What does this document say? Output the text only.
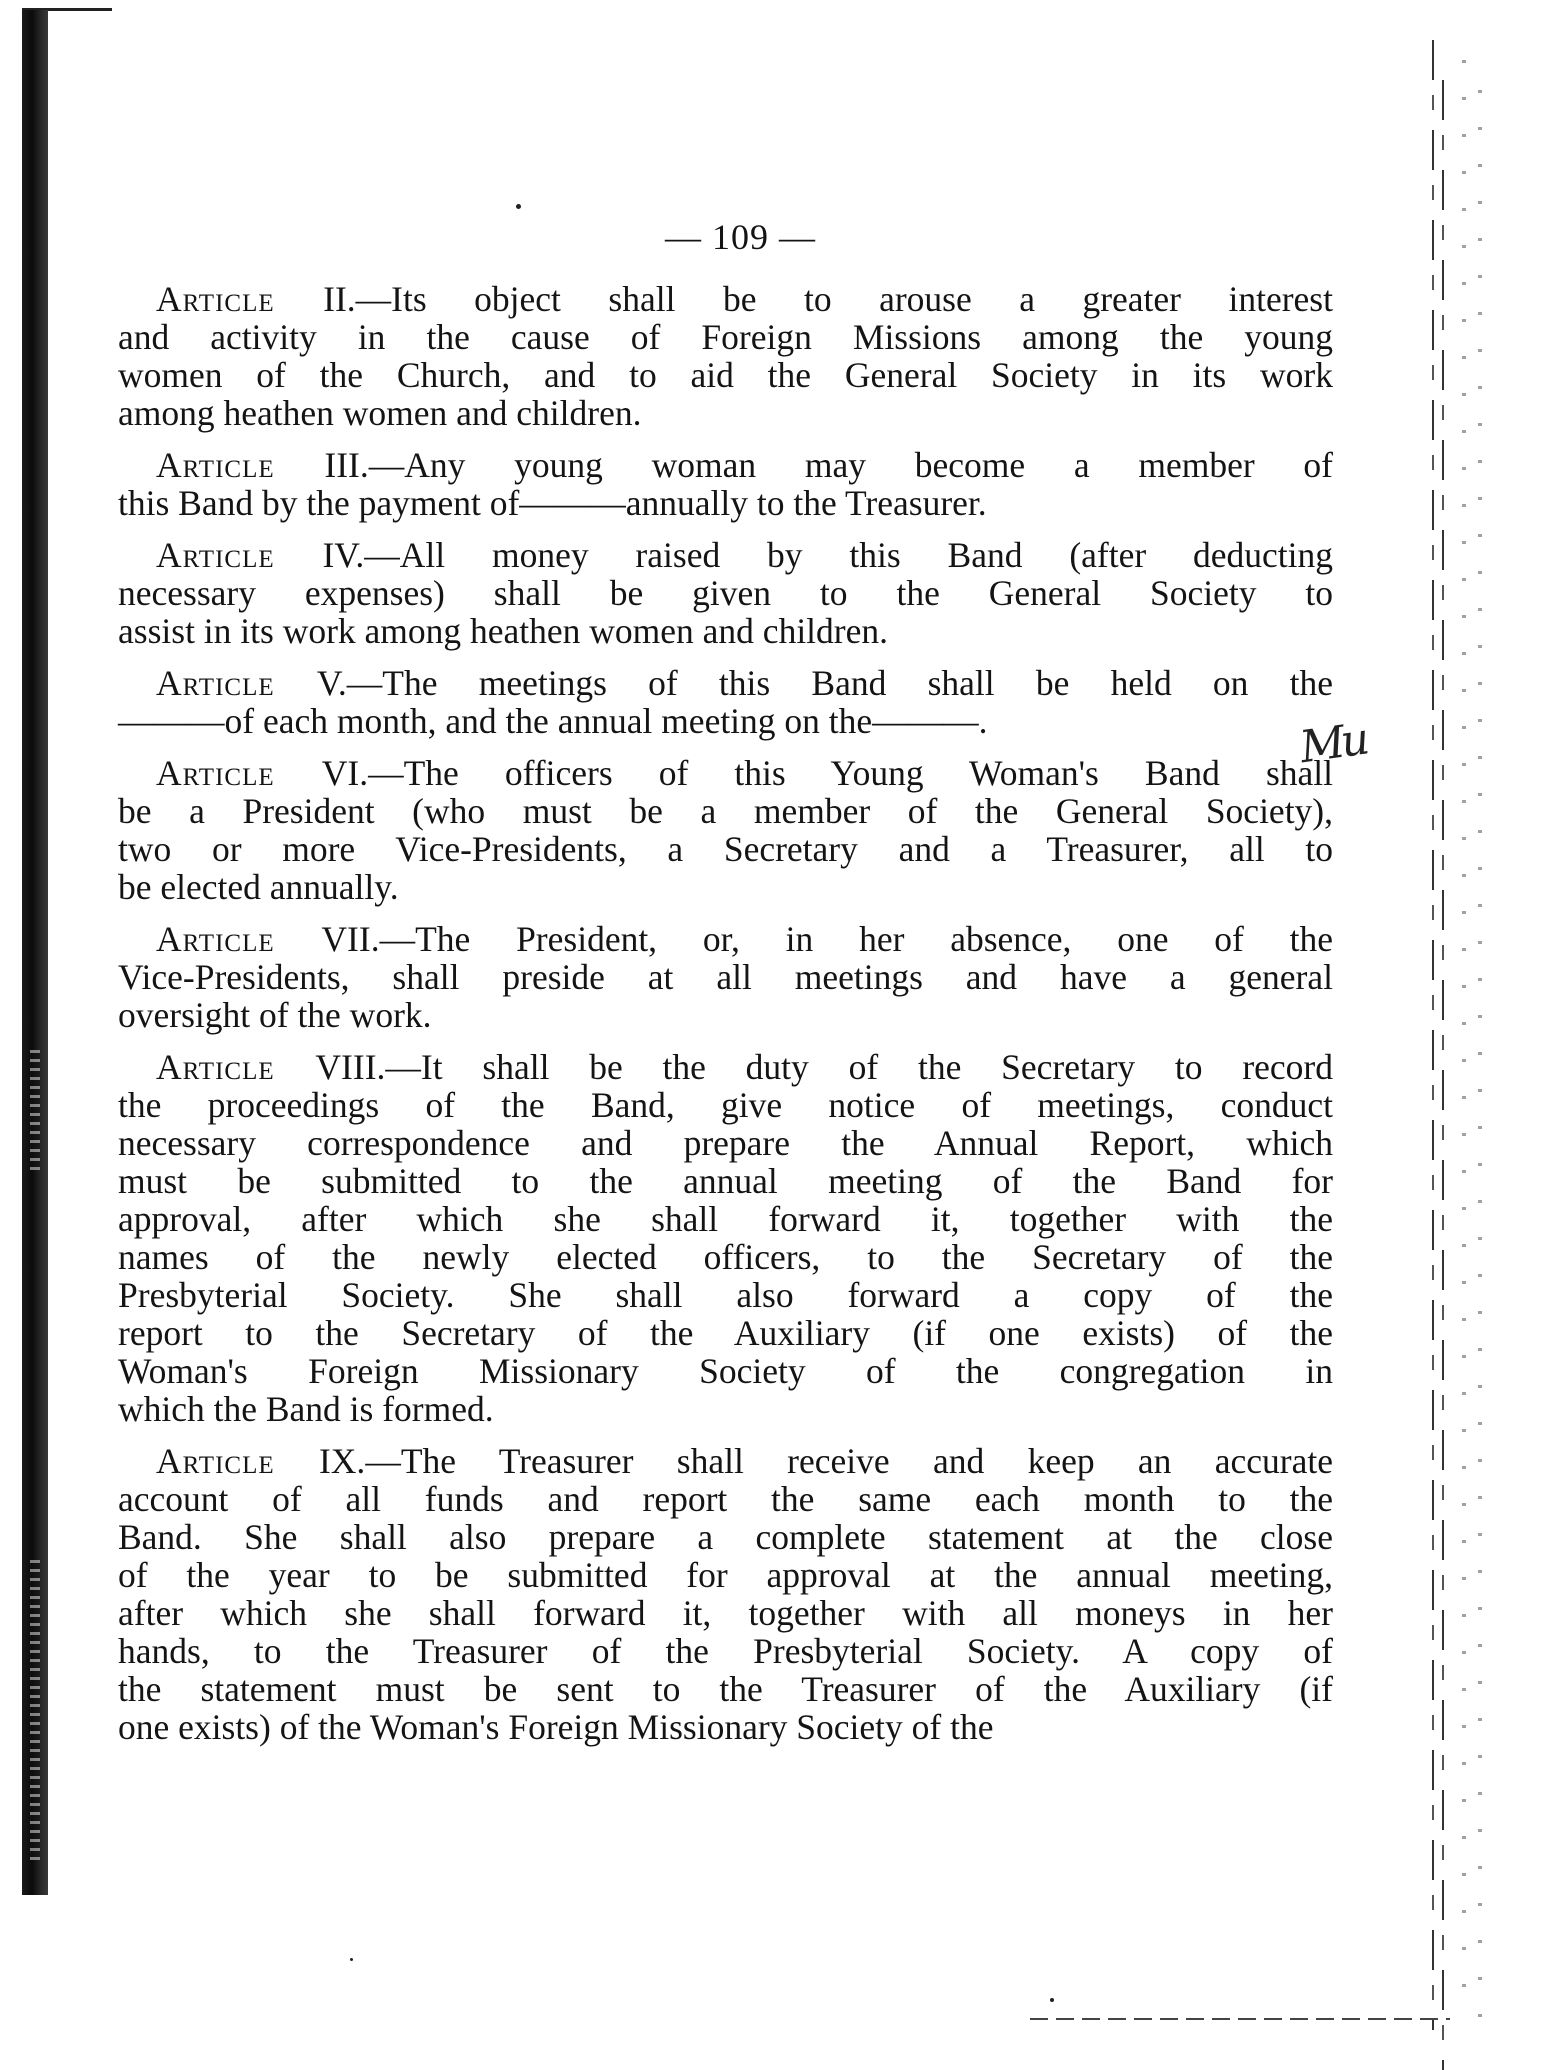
Mu
— 109 —
Article II.—Its object shall be to arouse a greater interest
and activity in the cause of Foreign Missions among the young
women of the Church, and to aid the General Society in its work
among heathen women and children.
Article III.—Any young woman may become a member of
this Band by the payment of———annually to the Treasurer.
Article IV.—All money raised by this Band (after deducting
necessary expenses) shall be given to the General Society to
assist in its work among heathen women and children.
Article V.—The meetings of this Band shall be held on the
———of each month, and the annual meeting on the———.
Article VI.—The officers of this Young Woman's Band shall
be a President (who must be a member of the General Society),
two or more Vice-Presidents, a Secretary and a Treasurer, all to
be elected annually.
Article VII.—The President, or, in her absence, one of the
Vice-Presidents, shall preside at all meetings and have a general
oversight of the work.
Article VIII.—It shall be the duty of the Secretary to record
the proceedings of the Band, give notice of meetings, conduct
necessary correspondence and prepare the Annual Report, which
must be submitted to the annual meeting of the Band for
approval, after which she shall forward it, together with the
names of the newly elected officers, to the Secretary of the
Presbyterial Society. She shall also forward a copy of the
report to the Secretary of the Auxiliary (if one exists) of the
Woman's Foreign Missionary Society of the congregation in
which the Band is formed.
Article IX.—The Treasurer shall receive and keep an accurate
account of all funds and report the same each month to the
Band. She shall also prepare a complete statement at the close
of the year to be submitted for approval at the annual meeting,
after which she shall forward it, together with all moneys in her
hands, to the Treasurer of the Presbyterial Society. A copy of
the statement must be sent to the Treasurer of the Auxiliary (if
one exists) of the Woman's Foreign Missionary Society of the
